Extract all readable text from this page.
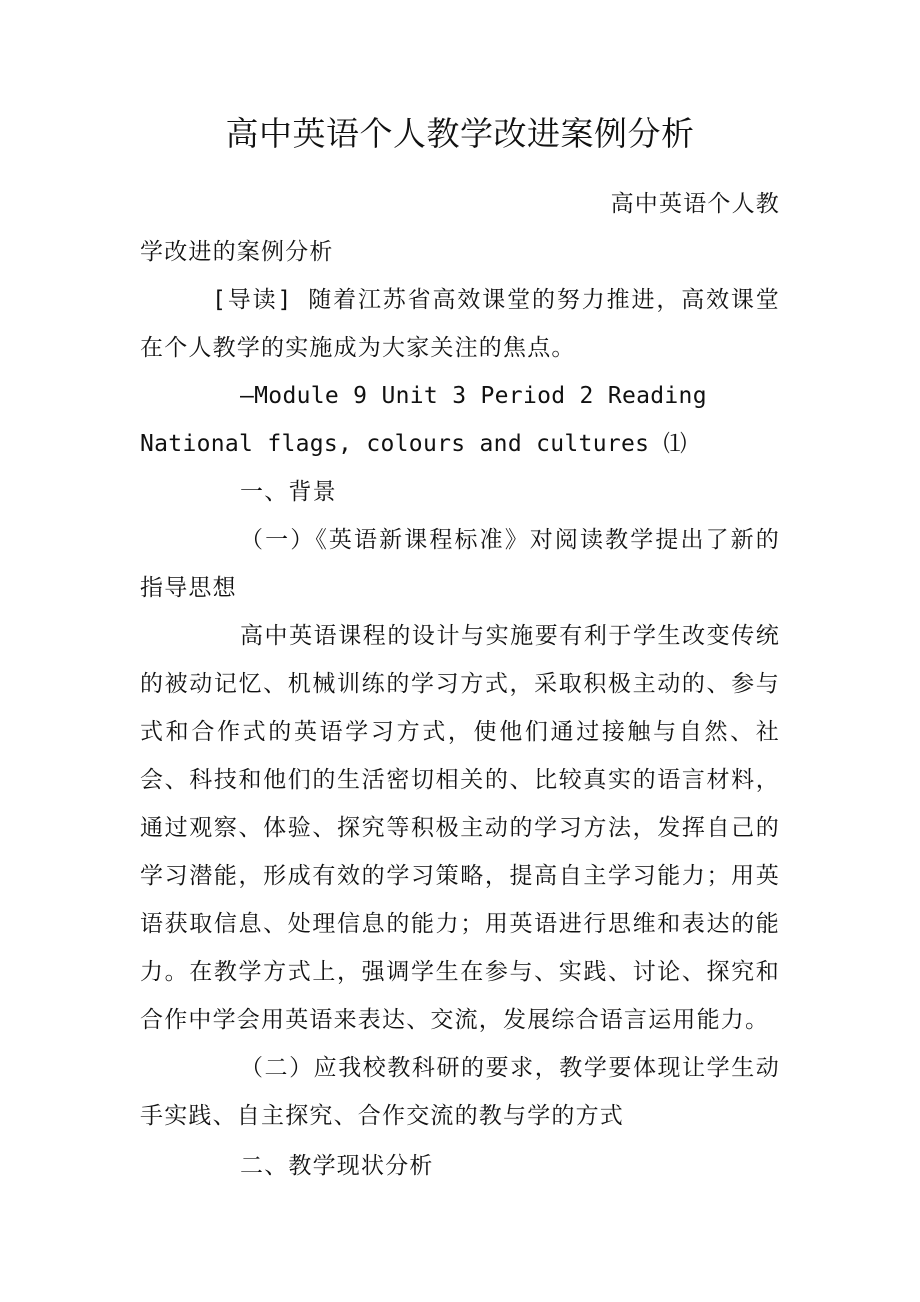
高中英语个人教学改进案例分析

高中英语个人教

学改进的案例分析

[导读] 随着江苏省高效课堂的努力推进，高效课堂在个人教学的实施成为大家关注的焦点。

—Module 9 Unit 3 Period 2 Reading National flags, colours and cultures ⑴

一、背景

（一）《英语新课程标准》对阅读教学提出了新的指导思想

高中英语课程的设计与实施要有利于学生改变传统的被动记忆、机械训练的学习方式，采取积极主动的、参与式和合作式的英语学习方式，使他们通过接触与自然、社会、科技和他们的生活密切相关的、比较真实的语言材料，通过观察、体验、探究等积极主动的学习方法，发挥自己的学习潜能，形成有效的学习策略，提高自主学习能力；用英语获取信息、处理信息的能力；用英语进行思维和表达的能力。在教学方式上，强调学生在参与、实践、讨论、探究和合作中学会用英语来表达、交流，发展综合语言运用能力。

（二）应我校教科研的要求，教学要体现让学生动手实践、自主探究、合作交流的教与学的方式

二、教学现状分析
